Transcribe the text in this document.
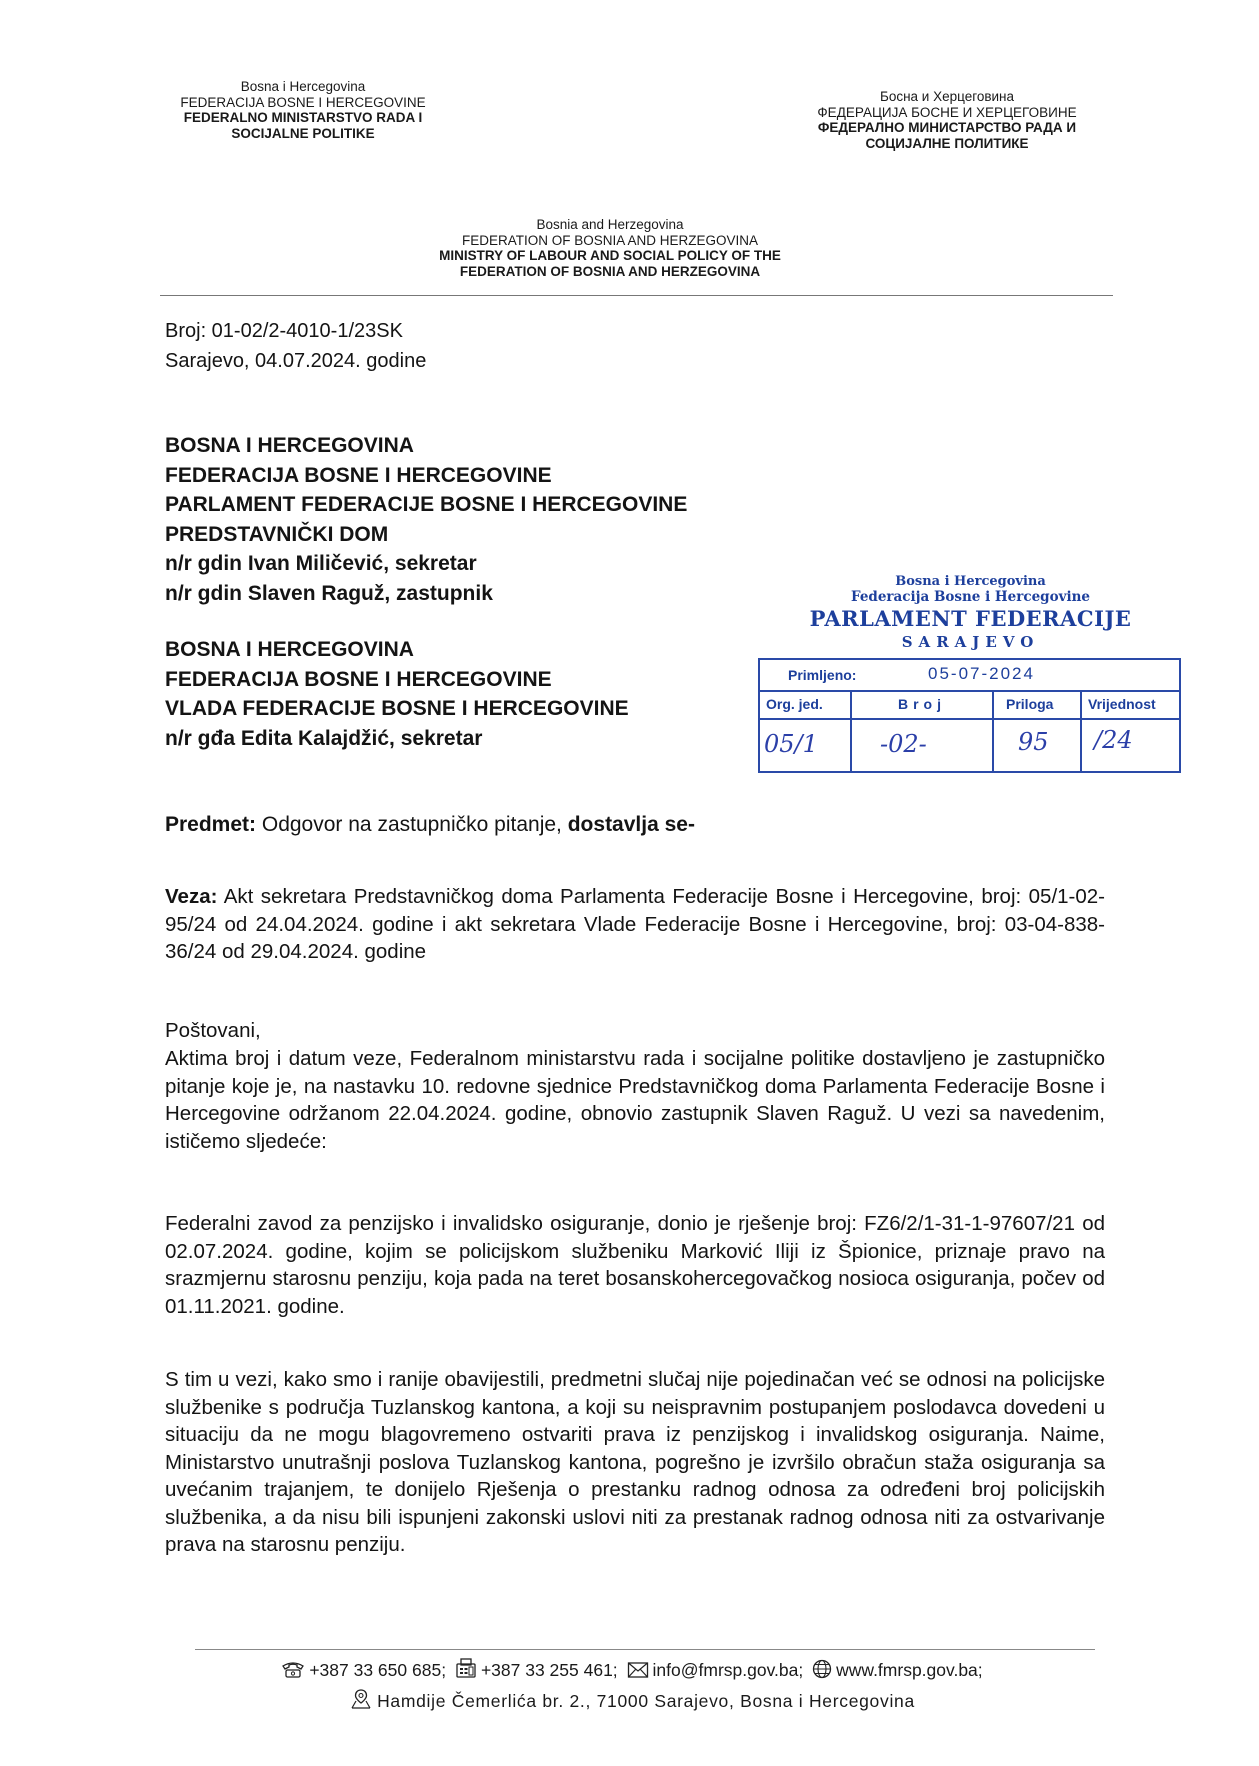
Bosna i Hercegovina
FEDERACIJA BOSNE I HERCEGOVINE
FEDERALNO MINISTARSTVO RADA I
SOCIJALNE POLITIKE
Босна и Херцеговина
ФЕДЕРАЦИЈА БОСНЕ И ХЕРЦЕГОВИНЕ
ФЕДЕРАЛНО МИНИСТАРСТВО РАДА И
СОЦИЈАЛНЕ ПОЛИТИКЕ
Bosnia and Herzegovina
FEDERATION OF BOSNIA AND HERZEGOVINA
MINISTRY OF LABOUR AND SOCIAL POLICY OF THE
FEDERATION OF BOSNIA AND HERZEGOVINA
Broj: 01-02/2-4010-1/23SK
Sarajevo, 04.07.2024. godine
BOSNA I HERCEGOVINA
FEDERACIJA BOSNE I HERCEGOVINE
PARLAMENT FEDERACIJE BOSNE I HERCEGOVINE
PREDSTAVNIČKI DOM
n/r gdin Ivan Miličević, sekretar
n/r gdin Slaven Raguž, zastupnik
BOSNA I HERCEGOVINA
FEDERACIJA BOSNE I HERCEGOVINE
VLADA FEDERACIJE BOSNE I HERCEGOVINE
n/r gđa Edita Kalajdžić, sekretar
Bosna i Hercegovina
Federacija Bosne i Hercegovine
PARLAMENT FEDERACIJE
SARAJEVO
Primljeno:	05-07-2024
Org. jed.	Broj	Priloga Vrijednost
05/1	-02-	95 /24
Predmet: Odgovor na zastupničko pitanje, dostavlja se-
Veza: Akt sekretara Predstavničkog doma Parlamenta Federacije Bosne i Hercegovine, broj: 05/1-02-95/24 od 24.04.2024. godine i akt sekretara Vlade Federacije Bosne i Hercegovine, broj: 03-04-838-36/24 od 29.04.2024. godine
Poštovani,
Aktima broj i datum veze, Federalnom ministarstvu rada i socijalne politike dostavljeno je zastupničko pitanje koje je, na nastavku 10. redovne sjednice Predstavničkog doma Parlamenta Federacije Bosne i Hercegovine održanom 22.04.2024. godine, obnovio zastupnik Slaven Raguž. U vezi sa navedenim, ističemo sljedeće:
Federalni zavod za penzijsko i invalidsko osiguranje, donio je rješenje broj: FZ6/2/1-31-1-97607/21 od 02.07.2024. godine, kojim se policijskom službeniku Marković Iliji iz Špionice, priznaje pravo na srazmjernu starosnu penziju, koja pada na teret bosanskohercegovačkog nosioca osiguranja, počev od 01.11.2021. godine.
S tim u vezi, kako smo i ranije obavijestili, predmetni slučaj nije pojedinačan već se odnosi na policijske službenike s područja Tuzlanskog kantona, a koji su neispravnim postupanjem poslodavca dovedeni u situaciju da ne mogu blagovremeno ostvariti prava iz penzijskog i invalidskog osiguranja. Naime, Ministarstvo unutrašnji poslova Tuzlanskog kantona, pogrešno je izvršilo obračun staža osiguranja sa uvećanim trajanjem, te donijelo Rješenja o prestanku radnog odnosa za određeni broj policijskih službenika, a da nisu bili ispunjeni zakonski uslovi niti za prestanak radnog odnosa niti za ostvarivanje prava na starosnu penziju.
+387 33 650 685; +387 33 255 461; info@fmrsp.gov.ba; www.fmrsp.gov.ba;
Hamdije Čemerlića br. 2., 71000 Sarajevo, Bosna i Hercegovina
